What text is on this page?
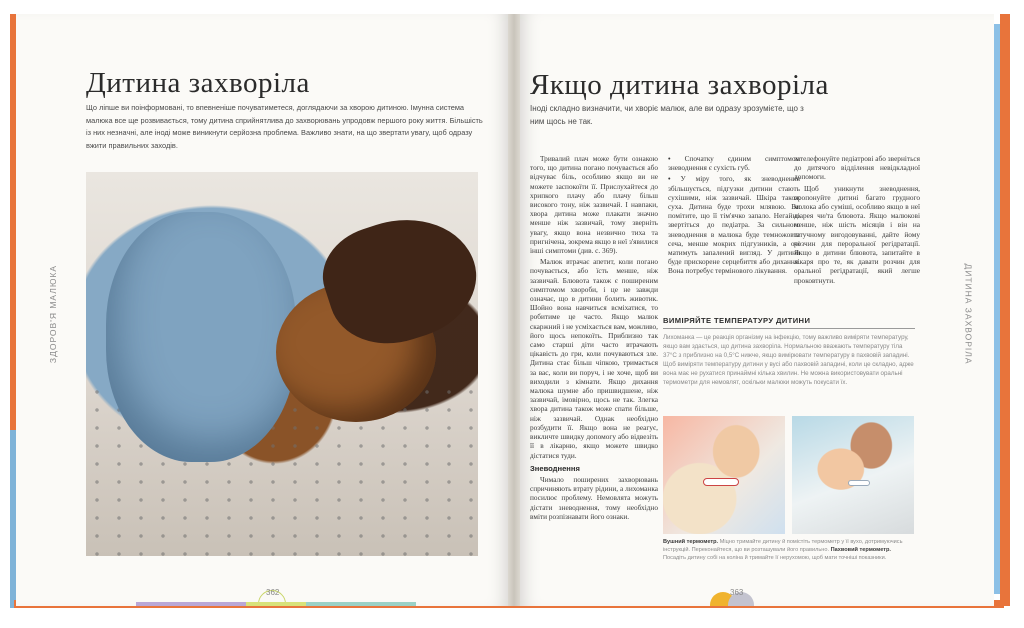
ЗДОРОВ'Я МАЛЮКА
Дитина захворіла
Що ліпше ви поінформовані, то впевненіше почуватиметеся, доглядаючи за хворою дитиною. Імунна система малюка все ще розвивається, тому дитина сприйнятлива до захворювань упродовж першого року життя. Більшість із них незначні, але іноді може виникнути серйозна проблема. Важливо знати, на що звертати увагу, щоб одразу вжити правильних заходів.
362
ДИТИНА ЗАХВОРІЛА
Якщо дитина захворіла
Іноді складно визначити, чи хворіє малюк, але ви одразу зрозумієте, що з ним щось не так.

Тривалий плач може бути ознакою того, що дитина погано почувається або відчуває біль, особливо якщо ви не можете заспокоїти її. Прислухайтеся до хрипкого плачу або плачу більш високого тону, ніж зазвичай. І навпаки, хвора дитина може плакати значно менше ніж зазвичай, тому зверніть увагу, якщо вона незвично тиха та пригнічена, зокрема якщо в неї з'явилися інші симптоми (див. с. 369).

Малюк втрачає апетит, коли погано почувається, або їсть менше, ніж зазвичай. Блювота також є поширеним симптомом хвороби, і це не завжди означає, що в дитини болить животик. Шойно вона навчиться всміхатися, то робитиме це часто. Якщо малюк скаржний і не усміхається вам, можливо, його щось непокоїть. Приблизно так само старші діти часто втрачають цікавість до гри, коли почуваються зле. Дитина стає більш чіпкою, тримається за вас, коли ви поруч, і не хоче, щоб ви виходили з кімнати. Якщо дихання малюка шумне або пришвидшене, ніж зазвичай, імовірно, щось не так. Злегка хвора дитина також може спати більше, ніж зазвичай. Однак необхідно розбудити її. Якщо вона не реагує, викличте швидку допомогу або відвезіть її в лікарню, якщо можете швидко дістатися туди.

Зневоднення

Чимало поширених захворювань спричиняють втрату рідини, а лихоманка посилює проблему. Немовлята можуть дістати зневоднення, тому необхідно вміти розпізнавати його ознаки.

• Спочатку єдиним симптомом зневоднення є сухість губ.

• У міру того, як зневоднення збільшується, підгузки дитини стають сухішими, ніж зазвичай. Шкіра також суха. Дитина буде трохи млявою. Ви помітите, що її тім'ячко запало. Негайно звертіться до педіатра. За сильного зневоднення в малюка буде темножовта сеча, менше мокрих підгузників, а очі матимуть запалений вигляд. У дитини буде прискорене серцебиття або дихання. Вона потребує термінового лікування.

зателефонуйте педіатрові або зверніться до дитячого відділення невідкладної допомоги.

Щоб уникнути зневоднення, пропонуйте дитині багато грудного молока або суміші, особливо якщо в неї діарея чи/та блювота. Якщо малюкові менше, ніж шість місяців і він на штучному вигодовуванні, дайте йому розчин для пероральної регідратації. Якщо в дитини блювота, запитайте в лікаря про те, як давати розчин для оральної регідратації, який легше проковтнути.

ВИМІРЯЙТЕ ТЕМПЕРАТУРУ ДИТИНИ
Лихоманка — це реакція організму на інфекцію, тому важливо виміряти температуру, якщо вам здається, що дитина захворіла. Нормальною вважають температуру тіла 37°С з приблизно на 0,5°С нижче, якщо вимірювати температуру в пахвовій западині. Щоб виміряти температуру дитини у вусі або пахвовій западині, коли це складно, адже вона має не рухатися принаймні кілька хвилин. Не можна використовувати оральні термометри для немовлят, оскільки малюки можуть покусати їх.
Вушний термометр. Міцно тримайте дитину й помістіть термометр у її вухо, дотримуючись інструкцій. Переконайтеся, що ви розташували його правильно. Пахвовий термометр. Посадіть дитину собі на коліна й тримайте її нерухомою, щоб мати точніші показники.
363
